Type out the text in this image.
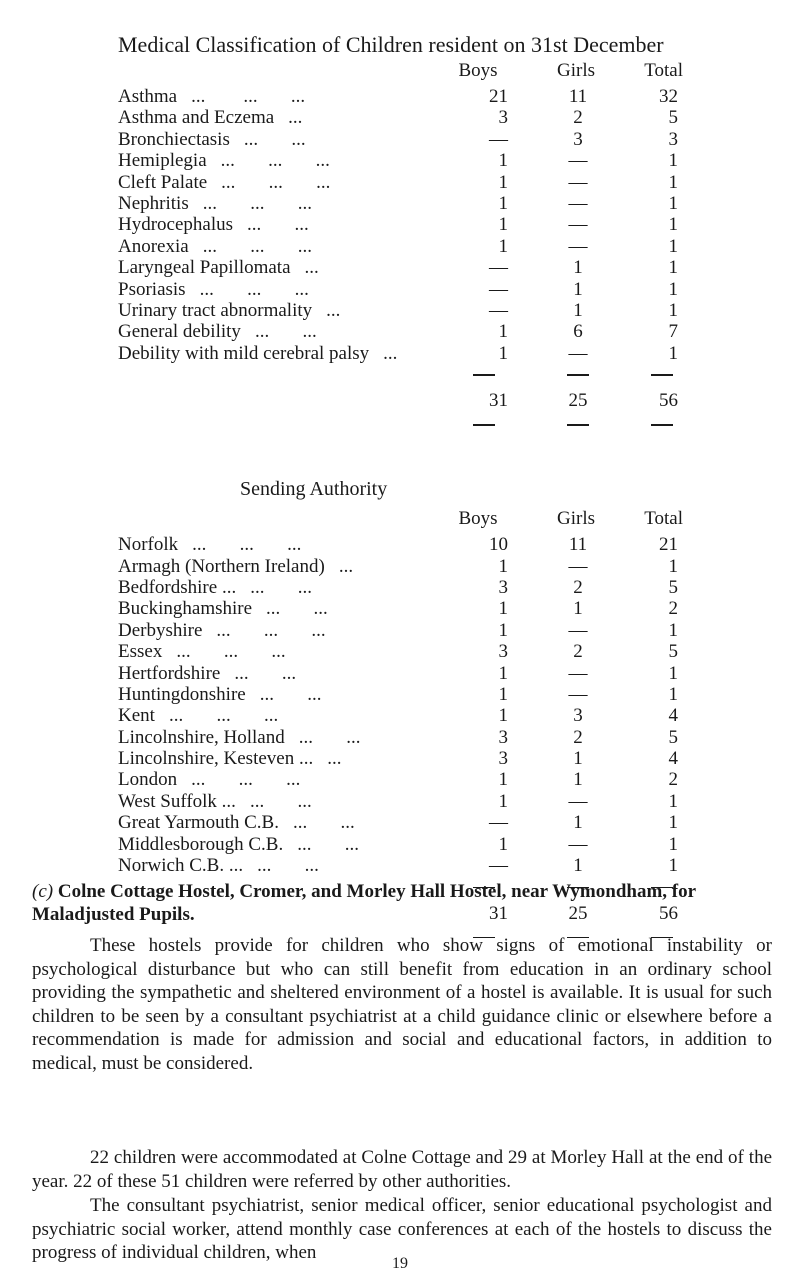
Medical Classification of Children resident on 31st December
Boys	Girls	Total
Asthma	21	11	32
...        ...       ...
Asthma and Eczema	3	2	5
...
Bronchiectasis	—	3	3
...       ...
Hemiplegia	1	—	1
...       ...       ...
Cleft Palate	1	—	1
...       ...       ...
Nephritis	1	—	1
...       ...       ...
Hydrocephalus	1	—	1
...       ...
Anorexia	1	—	1
...       ...       ...
Laryngeal Papillomata	—	1	1
...
Psoriasis	—	1	1
...       ...       ...
Urinary tract abnormality	—	1	1
...
General debility	1	6	7
...       ...
Debility with mild cerebral palsy	1	—	1
...
31	25	56
Sending Authority
Boys	Girls	Total
Norfolk	10	11	21
...       ...       ...
Armagh (Northern Ireland)	1	—	1
...
Bedfordshire ...	3	2	5
...       ...
Buckinghamshire	1	1	2
...       ...
Derbyshire	1	—	1
...       ...       ...
Essex	3	2	5
...       ...       ...
Hertfordshire	1	—	1
...       ...
Huntingdonshire	1	—	1
...       ...
Kent	1	3	4
...       ...       ...
Lincolnshire, Holland	3	2	5
...       ...
Lincolnshire, Kesteven ...	3	1	4
...
London	1	1	2
...       ...       ...
West Suffolk ...	1	—	1
...       ...
Great Yarmouth C.B.	—	1	1
...       ...
Middlesborough C.B.	1	—	1
...       ...
Norwich C.B. ...	—	1	1
...       ...
31	25	56
(c) Colne Cottage Hostel, Cromer, and Morley Hall Hostel, near Wymondham, for Maladjusted Pupils.
These hostels provide for children who show signs of emotional instability or psychological disturbance but who can still benefit from education in an ordinary school providing the sympathetic and sheltered environment of a hostel is available. It is usual for such children to be seen by a consultant psychiatrist at a child guidance clinic or elsewhere before a recommendation is made for admission and social and educational factors, in addition to medical, must be considered.
22 children were accommodated at Colne Cottage and 29 at Morley Hall at the end of the year. 22 of these 51 children were referred by other authorities.
The consultant psychiatrist, senior medical officer, senior educational psychologist and psychiatric social worker, attend monthly case conferences at each of the hostels to discuss the progress of individual children, when
19
